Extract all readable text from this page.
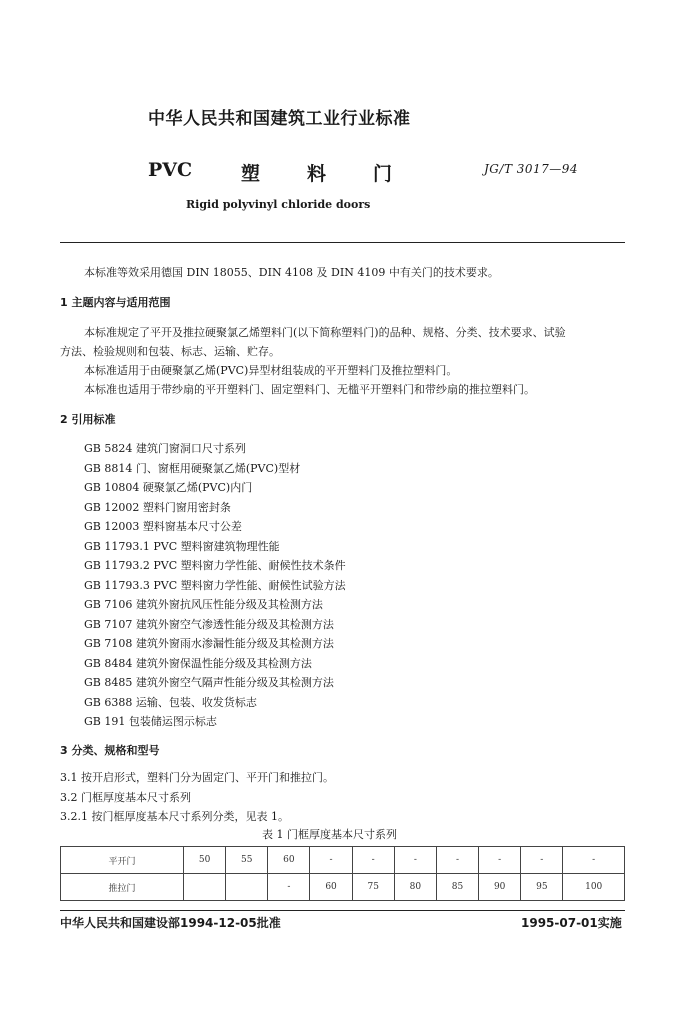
中华人民共和国建筑工业行业标准
PVC	塑 料 门	JG/T 3017—94
Rigid polyvinyl chloride doors
本标准等效采用德国 DIN 18055、DIN 4108 及 DIN 4109 中有关门的技术要求。
1 主题内容与适用范围
本标准规定了平开及推拉硬聚氯乙烯塑料门(以下简称塑料门)的品种、规格、分类、技术要求、试验
方法、检验规则和包装、标志、运输、贮存。
本标准适用于由硬聚氯乙烯(PVC)异型材组装成的平开塑料门及推拉塑料门。
本标准也适用于带纱扇的平开塑料门、固定塑料门、无槛平开塑料门和带纱扇的推拉塑料门。
2 引用标准
GB 5824 建筑门窗洞口尺寸系列
GB 8814 门、窗框用硬聚氯乙烯(PVC)型材
GB 10804 硬聚氯乙烯(PVC)内门
GB 12002 塑料门窗用密封条
GB 12003 塑料窗基本尺寸公差
GB 11793.1 PVC 塑料窗建筑物理性能
GB 11793.2 PVC 塑料窗力学性能、耐候性技术条件
GB 11793.3 PVC 塑料窗力学性能、耐候性试验方法
GB 7106 建筑外窗抗风压性能分级及其检测方法
GB 7107 建筑外窗空气渗透性能分级及其检测方法
GB 7108 建筑外窗雨水渗漏性能分级及其检测方法
GB 8484 建筑外窗保温性能分级及其检测方法
GB 8485 建筑外窗空气隔声性能分级及其检测方法
GB 6388 运输、包装、收发货标志
GB 191 包装储运图示标志
3 分类、规格和型号
3.1 按开启形式，塑料门分为固定门、平开门和推拉门。
3.2 门框厚度基本尺寸系列
3.2.1 按门框厚度基本尺寸系列分类，见表 1。
表 1 门框厚度基本尺寸系列
平开门	50	55	60	-	-	-	-	-	-	-
推拉门			-	60	75	80	85	90	95	100
中华人民共和国建设部1994-12-05批准	1995-07-01实施
